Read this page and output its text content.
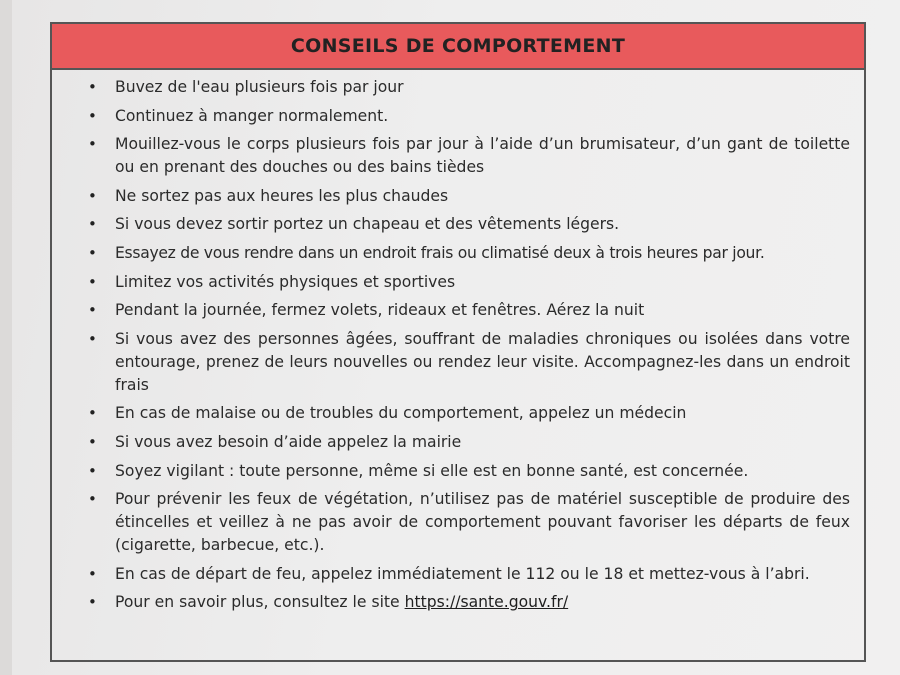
CONSEILS DE COMPORTEMENT
• Buvez de l'eau plusieurs fois par jour
• Continuez à manger normalement.
• Mouillez-vous le corps plusieurs fois par jour à l’aide d’un brumisateur, d’un gant de toilette ou en prenant des douches ou des bains tièdes
• Ne sortez pas aux heures les plus chaudes
• Si vous devez sortir portez un chapeau et des vêtements légers.
• Essayez de vous rendre dans un endroit frais ou climatisé deux à trois heures par jour.
• Limitez vos activités physiques et sportives
• Pendant la journée, fermez volets, rideaux et fenêtres. Aérez la nuit
• Si vous avez des personnes âgées, souffrant de maladies chroniques ou isolées dans votre entourage, prenez de leurs nouvelles ou rendez leur visite. Accompagnez-les dans un endroit frais
• En cas de malaise ou de troubles du comportement, appelez un médecin
• Si vous avez besoin d’aide appelez la mairie
• Soyez vigilant : toute personne, même si elle est en bonne santé, est concernée.
• Pour prévenir les feux de végétation, n’utilisez pas de matériel susceptible de produire des étincelles et veillez à ne pas avoir de comportement pouvant favoriser les départs de feux (cigarette, barbecue, etc.).
• En cas de départ de feu, appelez immédiatement le 112 ou le 18 et mettez-vous à l’abri.
• Pour en savoir plus, consultez le site https://sante.gouv.fr/
